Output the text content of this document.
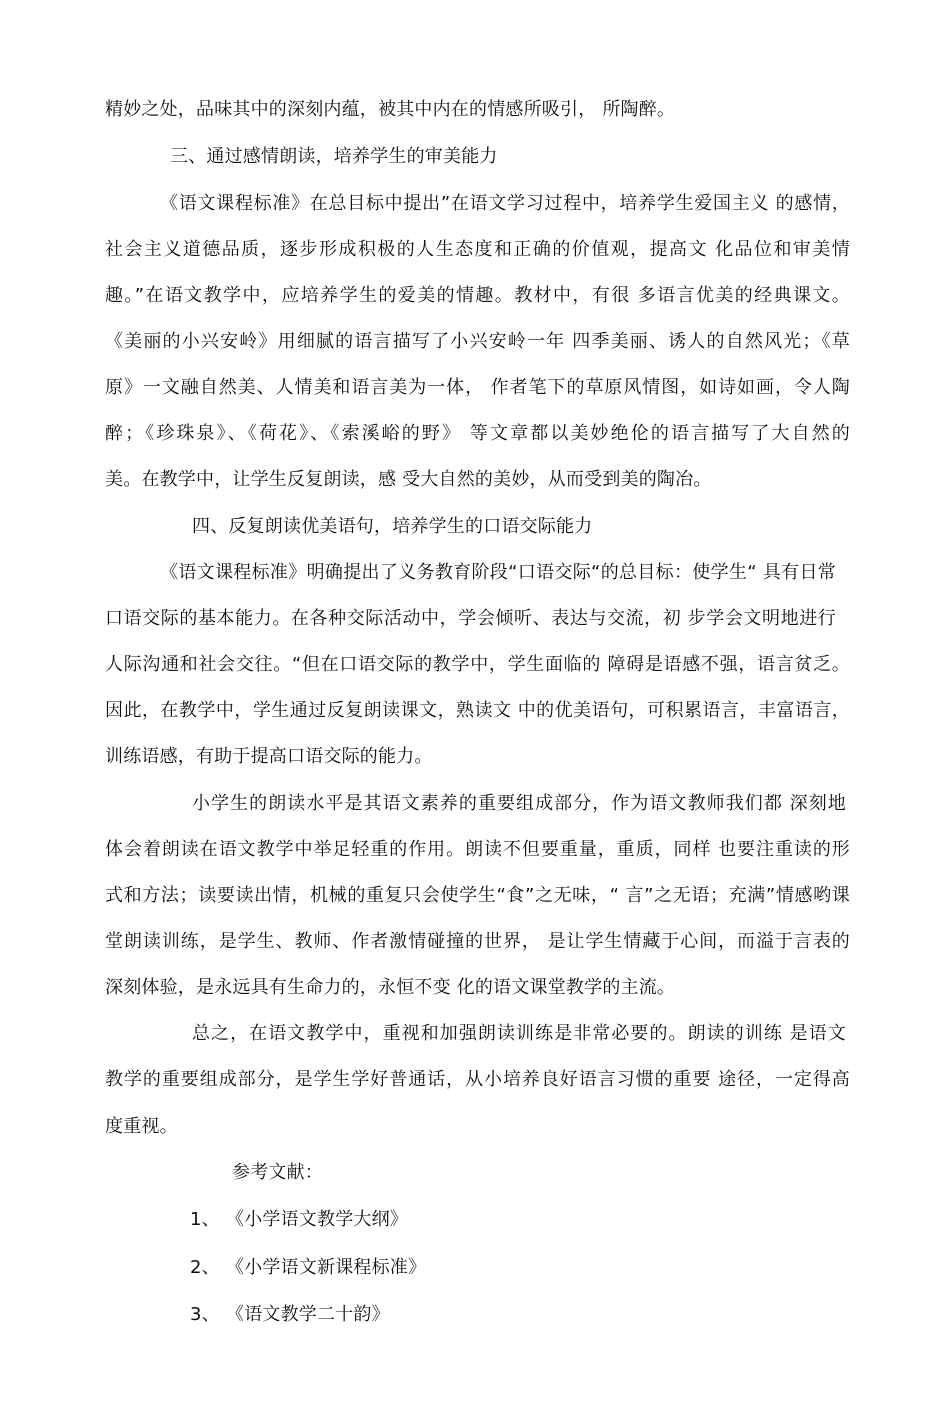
精妙之处，品味其中的深刻内蕴，被其中内在的情感所吸引， 所陶醉。
三、通过感情朗读，培养学生的审美能力
《语文课程标准》在总目标中提出”在语文学习过程中，培养学生爱国主义 的感情，
社会主义道德品质，逐步形成积极的人生态度和正确的价值观，提高文 化品位和审美情
趣。”在语文教学中，应培养学生的爱美的情趣。教材中，有很 多语言优美的经典课文。
《美丽的小兴安岭》用细腻的语言描写了小兴安岭一年 四季美丽、诱人的自然风光；《草
原》一文融自然美、人情美和语言美为一体， 作者笔下的草原风情图，如诗如画，令人陶
醉；《珍珠泉》、《荷花》、《索溪峪的野》 等文章都以美妙绝伦的语言描写了大自然的
美。在教学中，让学生反复朗读，感 受大自然的美妙，从而受到美的陶冶。
四、反复朗读优美语句，培养学生的口语交际能力
《语文课程标准》明确提出了义务教育阶段“口语交际“的总目标：使学生“ 具有日常
口语交际的基本能力。在各种交际活动中，学会倾听、表达与交流，初 步学会文明地进行
人际沟通和社会交往。“但在口语交际的教学中，学生面临的 障碍是语感不强，语言贫乏。
因此，在教学中，学生通过反复朗读课文，熟读文 中的优美语句，可积累语言，丰富语言，
训练语感，有助于提高口语交际的能力。
小学生的朗读水平是其语文素养的重要组成部分，作为语文教师我们都 深刻地
体会着朗读在语文教学中举足轻重的作用。朗读不但要重量，重质，同样 也要注重读的形
式和方法；读要读出情，机械的重复只会使学生“食”之无味，“ 言”之无语；充满”情感哟课
堂朗读训练，是学生、教师、作者激情碰撞的世界， 是让学生情藏于心间，而溢于言表的
深刻体验，是永远具有生命力的，永恒不变 化的语文课堂教学的主流。
总之，在语文教学中，重视和加强朗读训练是非常必要的。朗读的训练 是语文
教学的重要组成部分，是学生学好普通话，从小培养良好语言习惯的重要 途径，一定得高
度重视。
参考文献：
1、 《小学语文教学大纲》
2、 《小学语文新课程标准》
3、 《语文教学二十韵》
